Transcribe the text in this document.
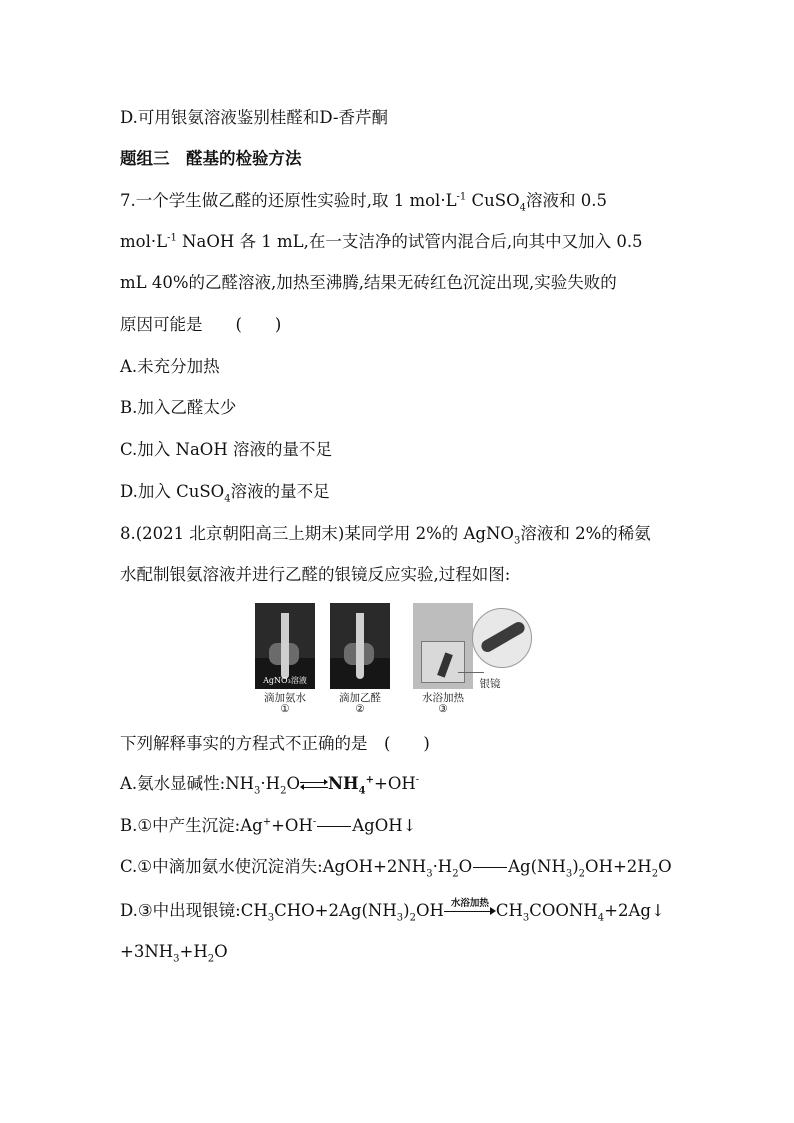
D.可用银氨溶液鉴别桂醛和D-香芹酮
题组三　醛基的检验方法
7.一个学生做乙醛的还原性实验时,取 1 $mol\cdot L^{-1}$ CuSO$_4$溶液和 0.5
$mol\cdot L^{-1}$ NaOH 各 1 mL,在一支洁净的试管内混合后,向其中又加入 0.5
mL 40%的乙醛溶液,加热至沸腾,结果无砖红色沉淀出现,实验失败的
原因可能是　　(　　)
A.未充分加热
B.加入乙醛太少
C.加入 NaOH 溶液的量不足
D.加入 CuSO$_4$溶液的量不足
8.(2021 北京朝阳高三上期末)某同学用 2%的 AgNO$_3$溶液和 2%的稀氨
水配制银氨溶液并进行乙醛的银镜反应实验,过程如图:
AgNO₃溶液
滴加氨水
①
滴加乙醛
②
银镜
水浴加热
③
下列解释事实的方程式不正确的是　(　　)
A.氨水显碱性$:NH_3\cdot H_2O$ $NH_4^++OH^-$
B.①中产生沉淀:Ag++OH- AgOH↓
C.①中滴加氨水使沉淀消失$:AgOH+2NH_3\cdot H_2O$ $Ag(NH_3)_2OH+2H_2O$
D.③中出现银镜$:CH_3CHO+2Ag(NH_3)_2OH$ 水浴加热 $CH_3COONH_4+2Ag↓$
$+3NH_3+H_2O$
